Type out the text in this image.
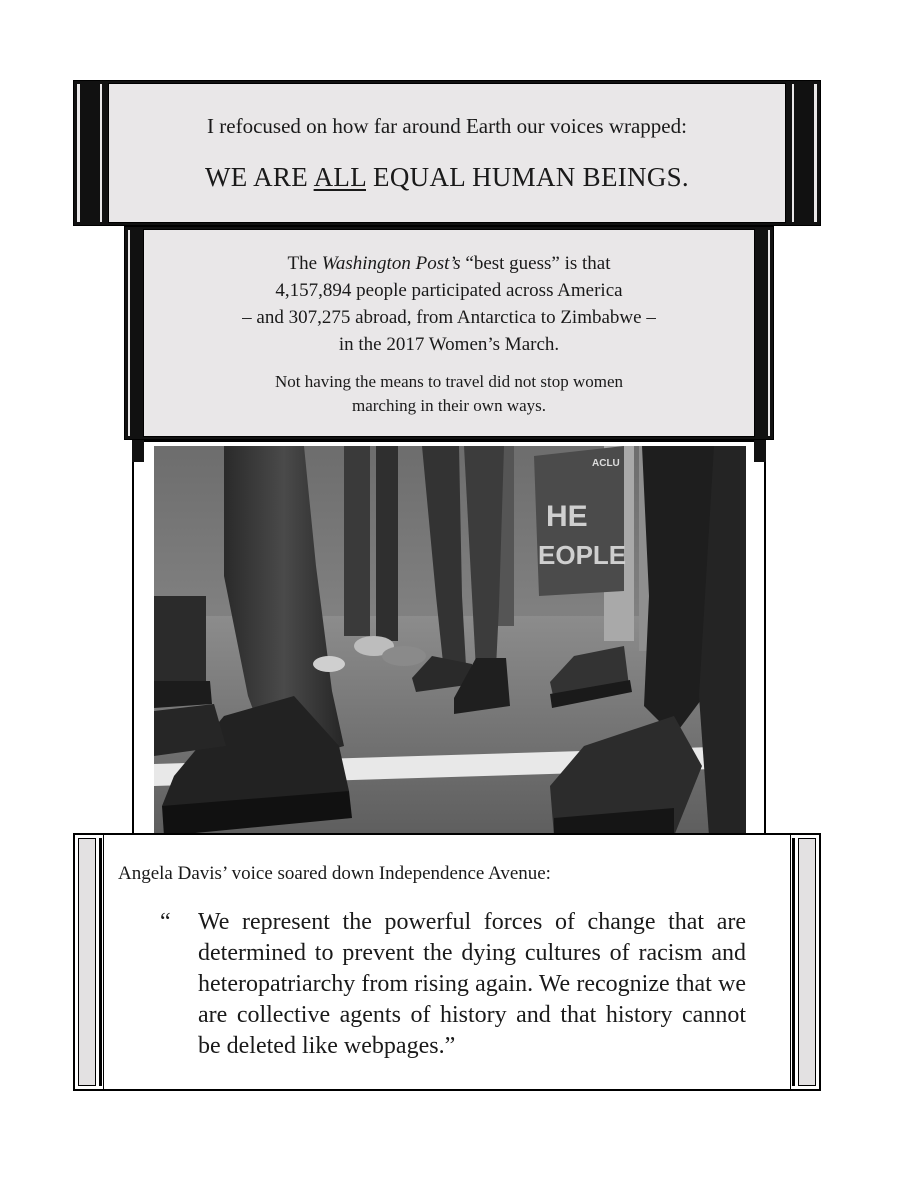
I refocused on how far around Earth our voices wrapped:
WE ARE ALL EQUAL HUMAN BEINGS.
The Washington Post’s “best guess” is that
4,157,894 people participated across America
– and 307,275 abroad, from Antarctica to Zimbabwe –
in the 2017 Women’s March.
Not having the means to travel did not stop women
marching in their own ways.
HE
EOPLE
ACLU
Angela Davis’ voice soared down Independence Avenue:
“ We represent the powerful forces of change that are determined to prevent the dying cultures of racism and heteropatriarchy from rising again. We recognize that we are collective agents of history and that history cannot be deleted like webpages.”
